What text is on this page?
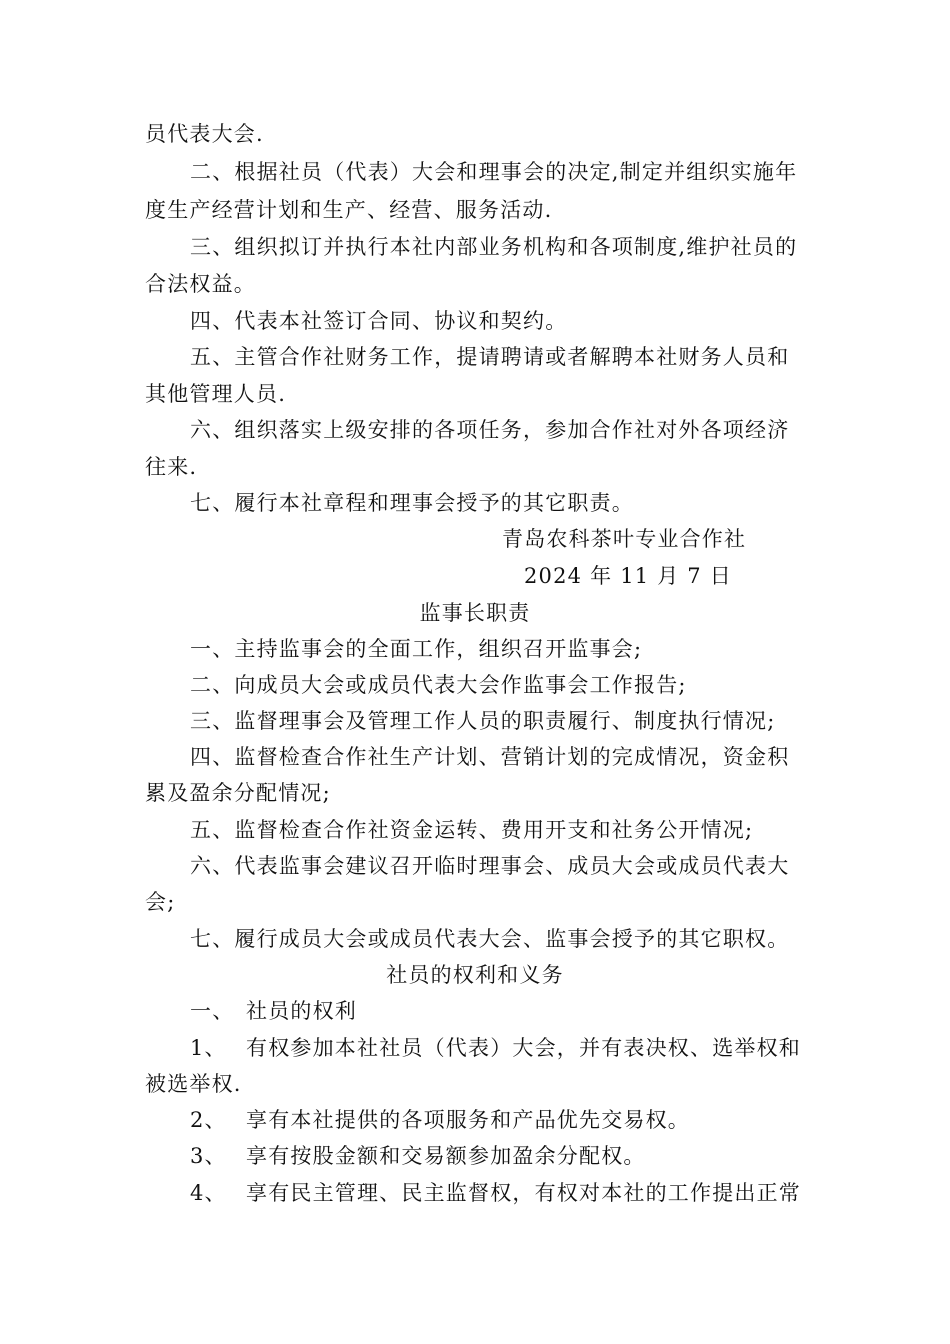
员代表大会.
二、根据社员（代表）大会和理事会的决定,制定并组织实施年
度生产经营计划和生产、经营、服务活动.
三、组织拟订并执行本社内部业务机构和各项制度,维护社员的
合法权益。
四、代表本社签订合同、协议和契约。
五、主管合作社财务工作，提请聘请或者解聘本社财务人员和
其他管理人员.
六、组织落实上级安排的各项任务，参加合作社对外各项经济
往来.
七、履行本社章程和理事会授予的其它职责。
青岛农科茶叶专业合作社
2024 年 11 月 7 日
监事长职责
一、主持监事会的全面工作，组织召开监事会;
二、向成员大会或成员代表大会作监事会工作报告;
三、监督理事会及管理工作人员的职责履行、制度执行情况;
四、监督检查合作社生产计划、营销计划的完成情况，资金积
累及盈余分配情况;
五、监督检查合作社资金运转、费用开支和社务公开情况;
六、代表监事会建议召开临时理事会、成员大会或成员代表大
会;
七、履行成员大会或成员代表大会、监事会授予的其它职权。
社员的权利和义务
一、 社员的权利
1、 有权参加本社社员（代表）大会，并有表决权、选举权和
被选举权.
2、 享有本社提供的各项服务和产品优先交易权。
3、 享有按股金额和交易额参加盈余分配权。
4、 享有民主管理、民主监督权，有权对本社的工作提出正常
